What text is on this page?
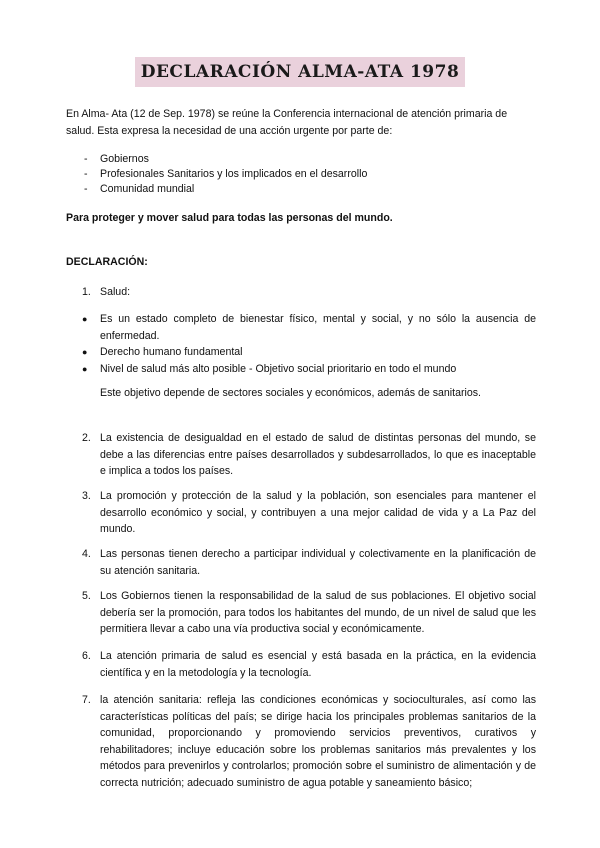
DECLARACIÓN ALMA-ATA 1978
En Alma- Ata (12 de Sep. 1978) se reúne la Conferencia internacional de atención primaria de salud. Esta expresa la necesidad de una acción urgente por parte de:
- Gobiernos
- Profesionales Sanitarios y los implicados en el desarrollo
- Comunidad mundial
Para proteger y mover salud para todas las personas del mundo.
DECLARACIÓN:
1. Salud:
● Es un estado completo de bienestar físico, mental y social, y no sólo la ausencia de enfermedad.
● Derecho humano fundamental
● Nivel de salud más alto posible - Objetivo social prioritario en todo el mundo
Este objetivo depende de sectores sociales y económicos, además de sanitarios.
2. La existencia de desigualdad en el estado de salud de distintas personas del mundo, se debe a las diferencias entre países desarrollados y subdesarrollados, lo que es inaceptable e implica a todos los países.
3. La promoción y protección de la salud y la población, son esenciales para mantener el desarrollo económico y social, y contribuyen a una mejor calidad de vida y a La Paz del mundo.
4. Las personas tienen derecho a participar individual y colectivamente en la planificación de su atención sanitaria.
5. Los Gobiernos tienen la responsabilidad de la salud de sus poblaciones. El objetivo social debería ser la promoción, para todos los habitantes del mundo, de un nivel de salud que les permitiera llevar a cabo una vía productiva social y económicamente.
6. La atención primaria de salud es esencial y está basada en la práctica, en la evidencia científica y en la metodología y la tecnología.
7. la atención sanitaria: refleja las condiciones económicas y socioculturales, así como las características políticas del país; se dirige hacia los principales problemas sanitarios de la comunidad, proporcionando y promoviendo servicios preventivos, curativos y rehabilitadores; incluye educación sobre los problemas sanitarios más prevalentes y los métodos para prevenirlos y controlarlos; promoción sobre el suministro de alimentación y de correcta nutrición; adecuado suministro de agua potable y saneamiento básico;
